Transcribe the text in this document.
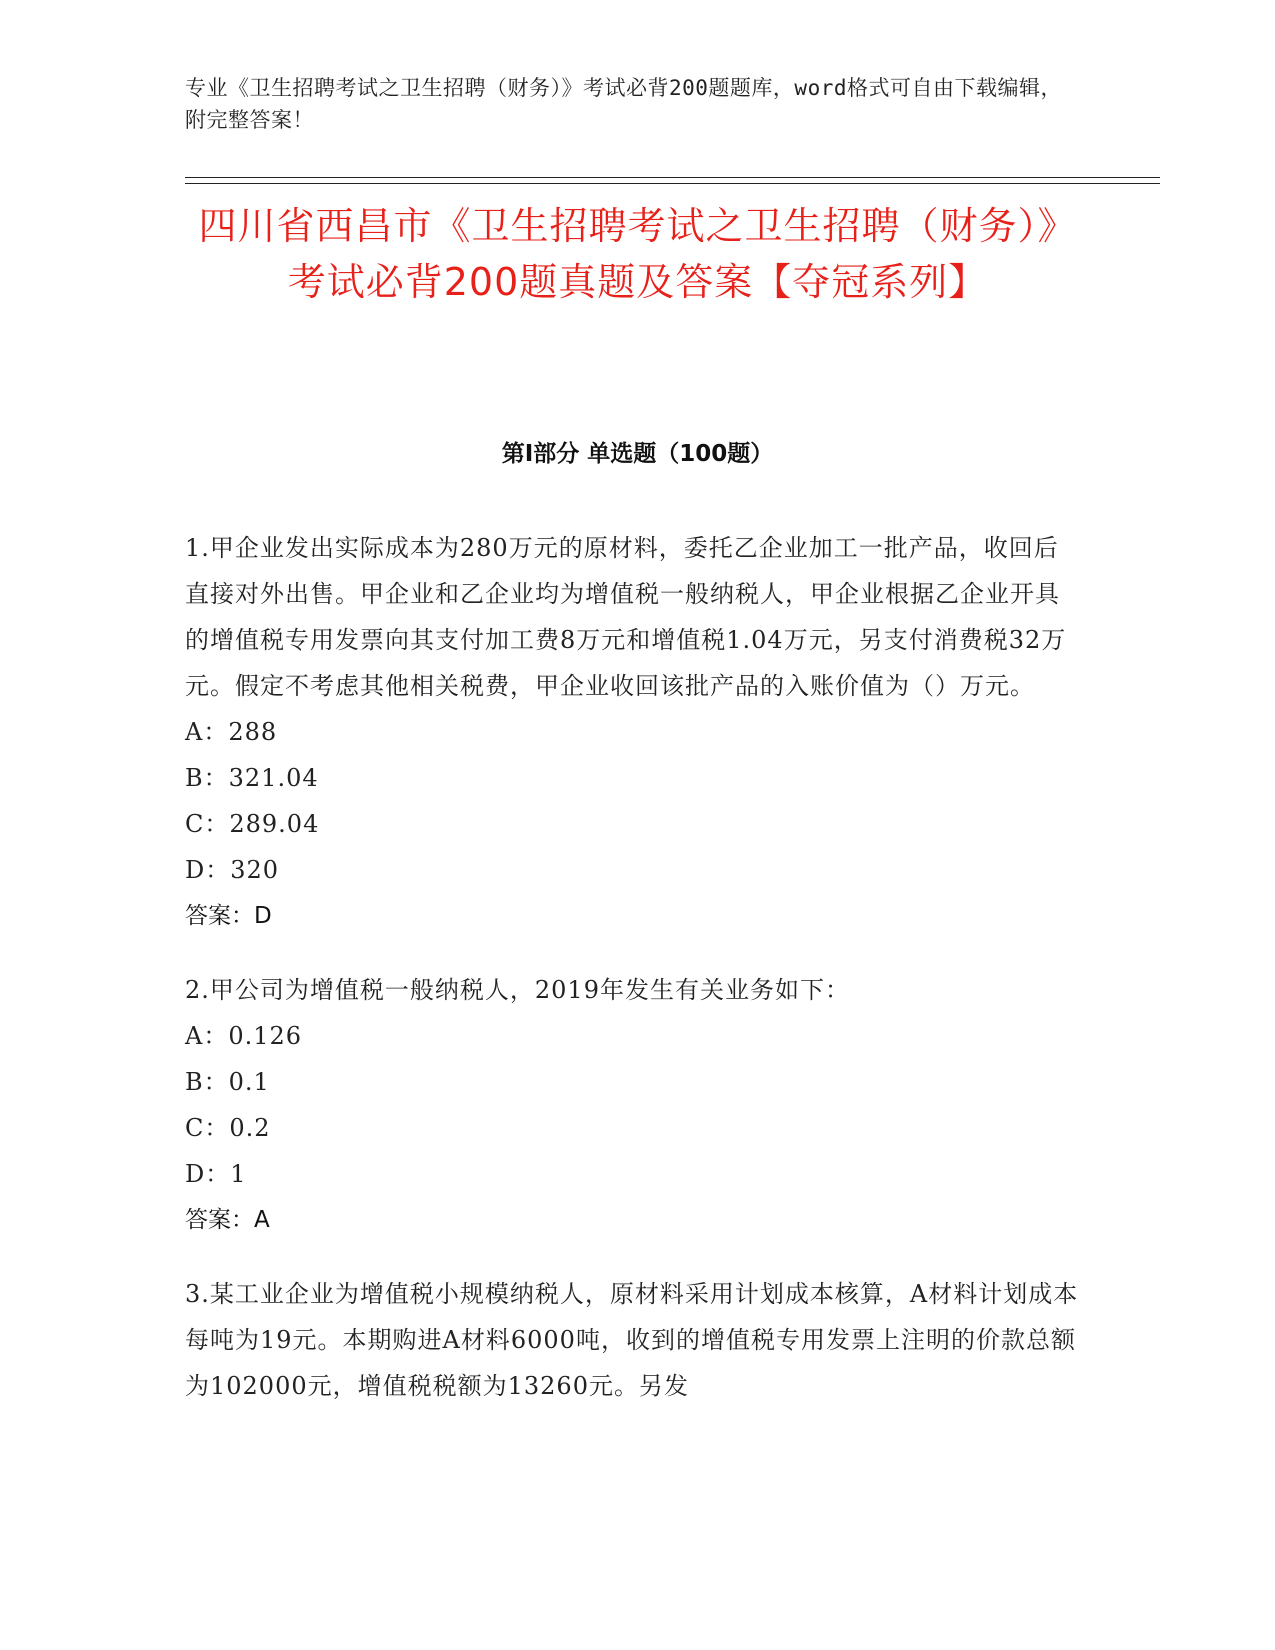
专业《卫生招聘考试之卫生招聘（财务）》考试必背200题题库，word格式可自由下载编辑，附完整答案！
四川省西昌市《卫生招聘考试之卫生招聘（财务）》考试必背200题真题及答案【夺冠系列】
第I部分 单选题（100题）
1.甲企业发出实际成本为280万元的原材料，委托乙企业加工一批产品，收回后直接对外出售。甲企业和乙企业均为增值税一般纳税人，甲企业根据乙企业开具的增值税专用发票向其支付加工费8万元和增值税1.04万元，另支付消费税32万元。假定不考虑其他相关税费，甲企业收回该批产品的入账价值为（）万元。
A：288
B：321.04
C：289.04
D：320
答案：D
2.甲公司为增值税一般纳税人，2019年发生有关业务如下：
A：0.126
B：0.1
C：0.2
D：1
答案：A
3.某工业企业为增值税小规模纳税人，原材料采用计划成本核算，A材料计划成本每吨为19元。本期购进A材料6000吨，收到的增值税专用发票上注明的价款总额为102000元，增值税税额为13260元。另发
